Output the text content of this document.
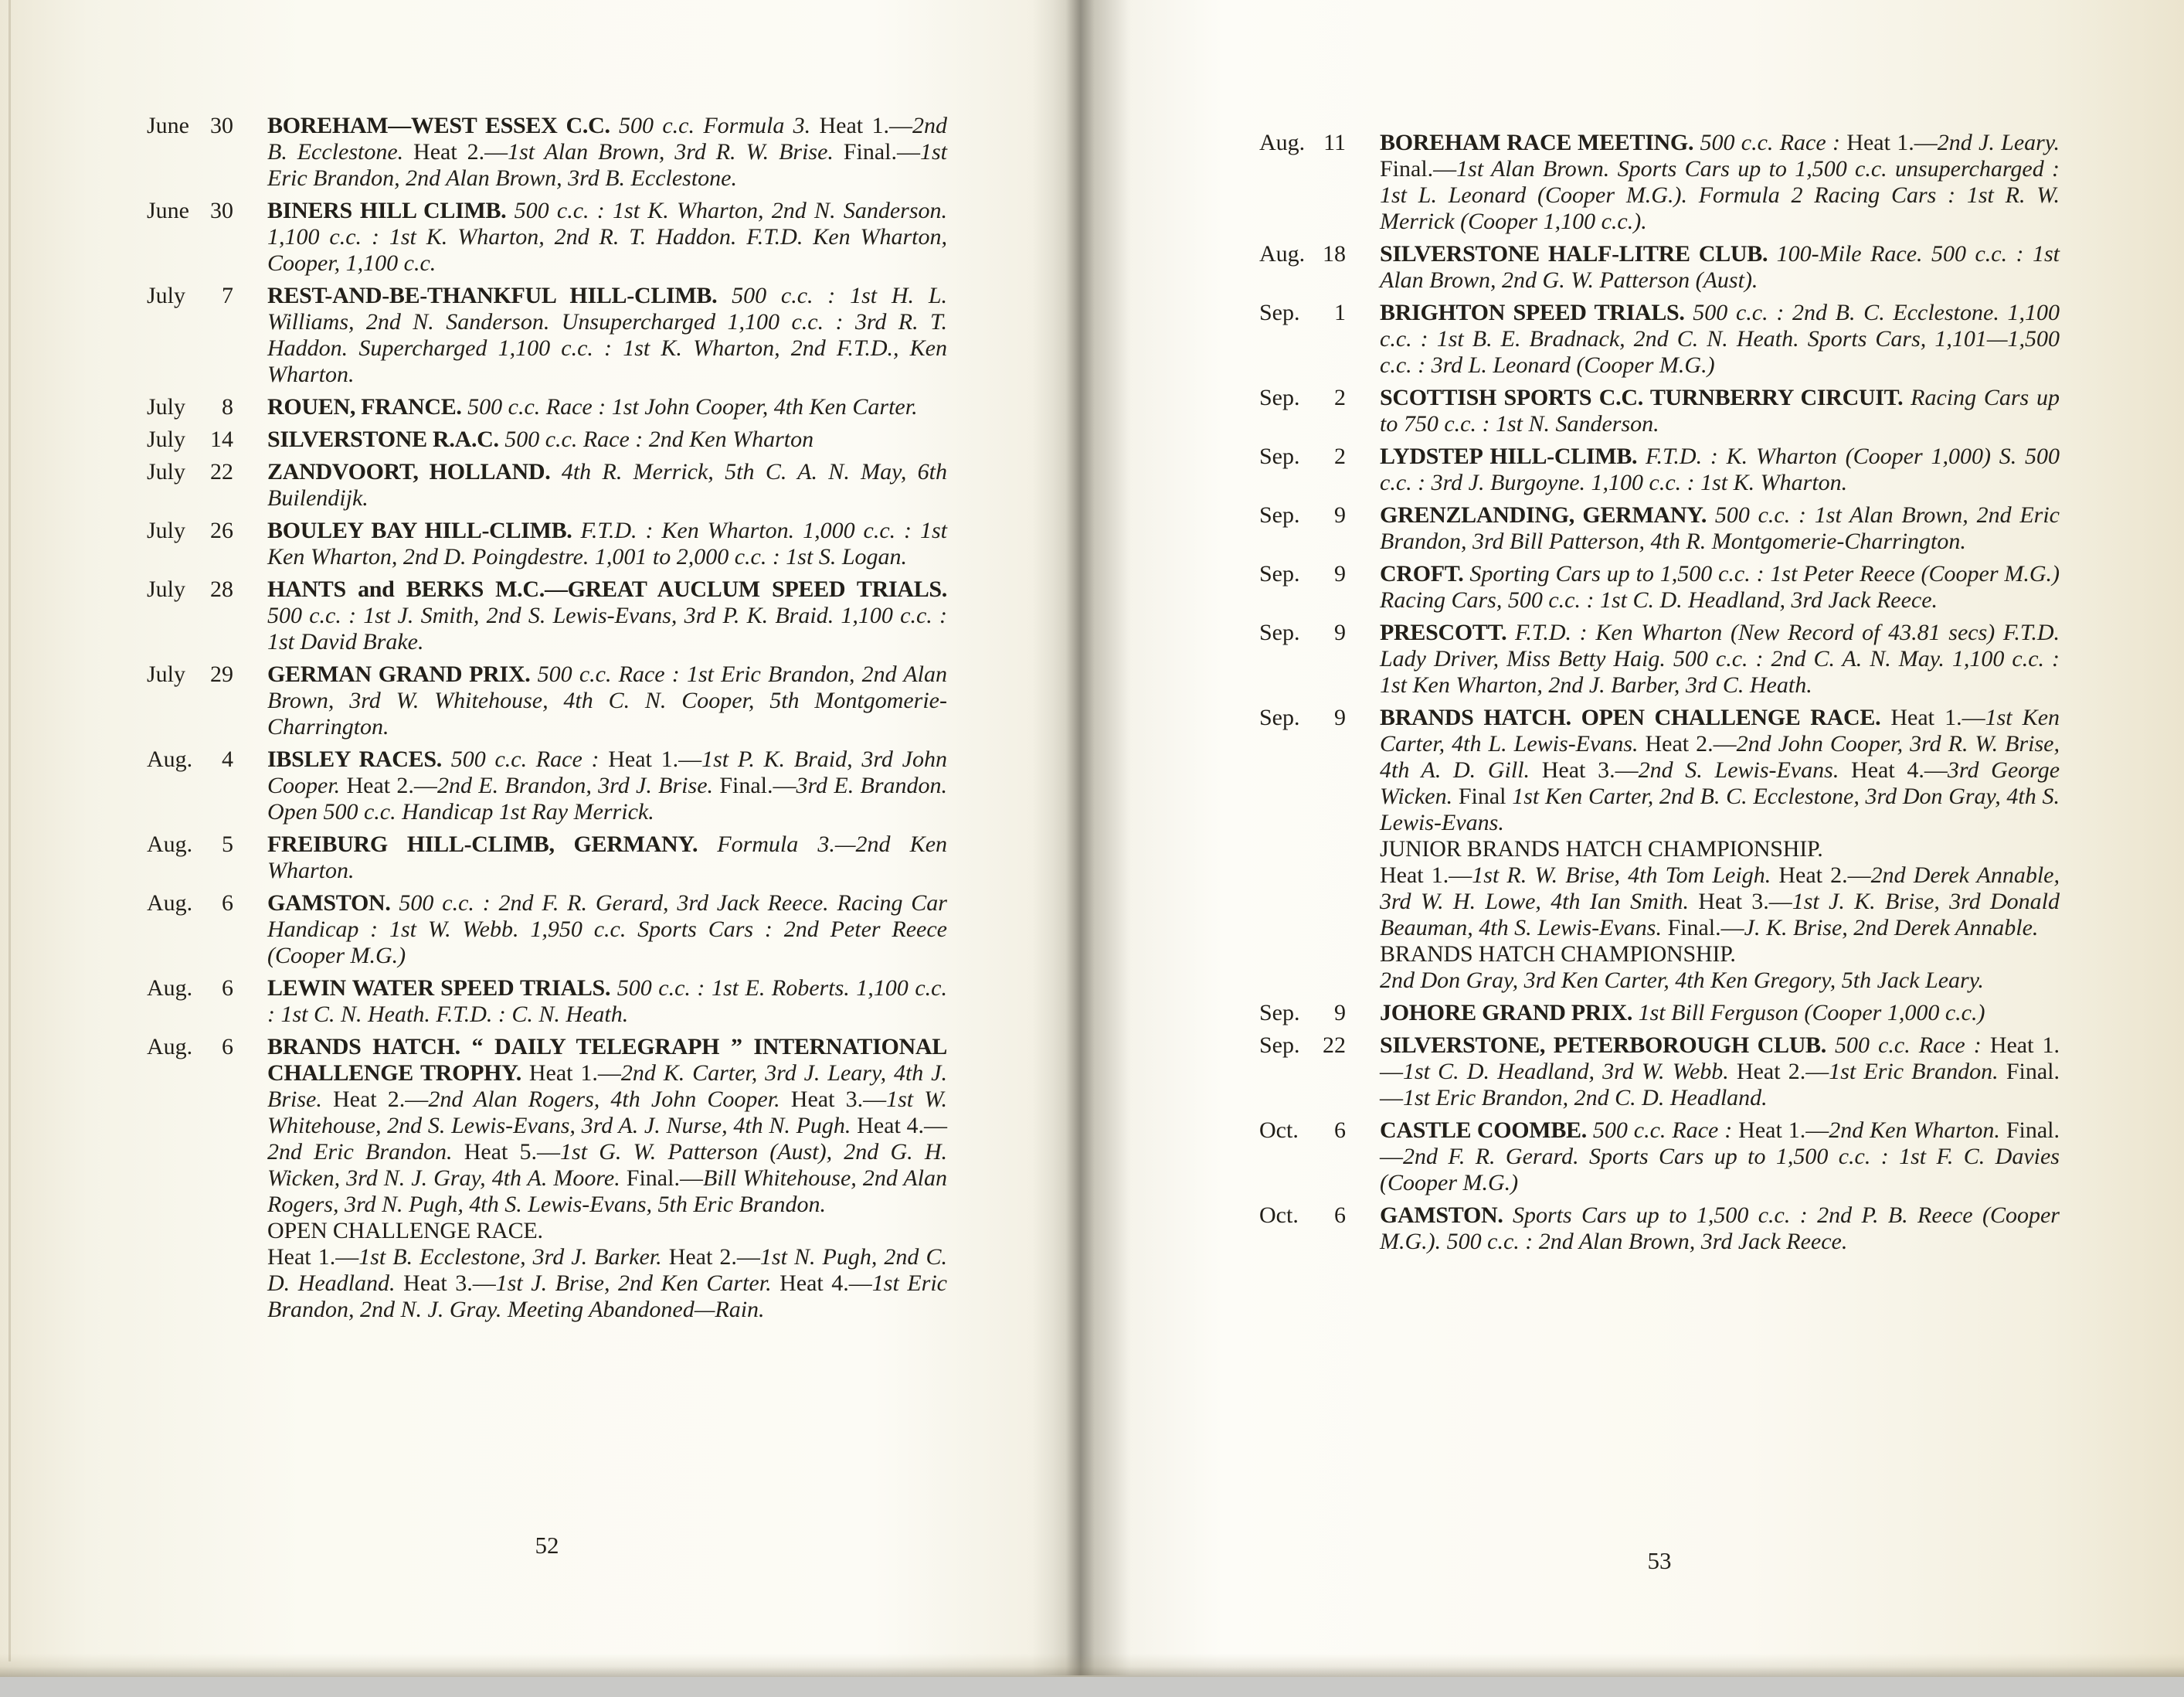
June 30 BOREHAM—WEST ESSEX C.C. 500 c.c. Formula 3. Heat 1.—2nd B. Ecclestone. Heat 2.—1st Alan Brown, 3rd R. W. Brise. Final.—1st Eric Brandon, 2nd Alan Brown, 3rd B. Ecclestone.
June 30 BINERS HILL CLIMB. 500 c.c. : 1st K. Wharton, 2nd N. Sanderson. 1,100 c.c. : 1st K. Wharton, 2nd R. T. Haddon. F.T.D. Ken Wharton, Cooper, 1,100 c.c.
July 7 REST-AND-BE-THANKFUL HILL-CLIMB. 500 c.c. : 1st H. L. Williams, 2nd N. Sanderson. Unsupercharged 1,100 c.c. : 3rd R. T. Haddon. Supercharged 1,100 c.c. : 1st K. Wharton, 2nd F.T.D., Ken Wharton.
July 8 ROUEN, FRANCE. 500 c.c. Race : 1st John Cooper, 4th Ken Carter.
July 14 SILVERSTONE R.A.C. 500 c.c. Race : 2nd Ken Wharton
July 22 ZANDVOORT, HOLLAND. 4th R. Merrick, 5th C. A. N. May, 6th Builendijk.
July 26 BOULEY BAY HILL-CLIMB. F.T.D. : Ken Wharton. 1,000 c.c. : 1st Ken Wharton, 2nd D. Poingdestre. 1,001 to 2,000 c.c. : 1st S. Logan.
July 28 HANTS and BERKS M.C.—GREAT AUCLUM SPEED TRIALS. 500 c.c. : 1st J. Smith, 2nd S. Lewis-Evans, 3rd P. K. Braid. 1,100 c.c. : 1st David Brake.
July 29 GERMAN GRAND PRIX. 500 c.c. Race : 1st Eric Brandon, 2nd Alan Brown, 3rd W. Whitehouse, 4th C. N. Cooper, 5th Montgomerie-Charrington.
Aug. 4 IBSLEY RACES. 500 c.c. Race : Heat 1.—1st P. K. Braid, 3rd John Cooper. Heat 2.—2nd E. Brandon, 3rd J. Brise. Final.—3rd E. Brandon. Open 500 c.c. Handicap 1st Ray Merrick.
Aug. 5 FREIBURG HILL-CLIMB, GERMANY. Formula 3.—2nd Ken Wharton.
Aug. 6 GAMSTON. 500 c.c. : 2nd F. R. Gerard, 3rd Jack Reece. Racing Car Handicap : 1st W. Webb. 1,950 c.c. Sports Cars : 2nd Peter Reece (Cooper M.G.)
Aug. 6 LEWIN WATER SPEED TRIALS. 500 c.c. : 1st E. Roberts. 1,100 c.c. : 1st C. N. Heath. F.T.D. : C. N. Heath.
Aug. 6 BRANDS HATCH. “ DAILY TELEGRAPH ” INTERNATIONAL CHALLENGE TROPHY. Heat 1.—2nd K. Carter, 3rd J. Leary, 4th J. Brise. Heat 2.—2nd Alan Rogers, 4th John Cooper. Heat 3.—1st W. Whitehouse, 2nd S. Lewis-Evans, 3rd A. J. Nurse, 4th N. Pugh. Heat 4.—2nd Eric Brandon. Heat 5.—1st G. W. Patterson (Aust), 2nd G. H. Wicken, 3rd N. J. Gray, 4th A. Moore. Final.—Bill Whitehouse, 2nd Alan Rogers, 3rd N. Pugh, 4th S. Lewis-Evans, 5th Eric Brandon.
OPEN CHALLENGE RACE.
Heat 1.—1st B. Ecclestone, 3rd J. Barker. Heat 2.—1st N. Pugh, 2nd C. D. Headland. Heat 3.—1st J. Brise, 2nd Ken Carter. Heat 4.—1st Eric Brandon, 2nd N. J. Gray. Meeting Abandoned—Rain.
52
Aug. 11 BOREHAM RACE MEETING. 500 c.c. Race : Heat 1.—2nd J. Leary. Final.—1st Alan Brown. Sports Cars up to 1,500 c.c. unsupercharged : 1st L. Leonard (Cooper M.G.). Formula 2 Racing Cars : 1st R. W. Merrick (Cooper 1,100 c.c.).
Aug. 18 SILVERSTONE HALF-LITRE CLUB. 100-Mile Race. 500 c.c. : 1st Alan Brown, 2nd G. W. Patterson (Aust).
Sep. 1 BRIGHTON SPEED TRIALS. 500 c.c. : 2nd B. C. Ecclestone. 1,100 c.c. : 1st B. E. Bradnack, 2nd C. N. Heath. Sports Cars, 1,101—1,500 c.c. : 3rd L. Leonard (Cooper M.G.)
Sep. 2 SCOTTISH SPORTS C.C. TURNBERRY CIRCUIT. Racing Cars up to 750 c.c. : 1st N. Sanderson.
Sep. 2 LYDSTEP HILL-CLIMB. F.T.D. : K. Wharton (Cooper 1,000) S. 500 c.c. : 3rd J. Burgoyne. 1,100 c.c. : 1st K. Wharton.
Sep. 9 GRENZLANDING, GERMANY. 500 c.c. : 1st Alan Brown, 2nd Eric Brandon, 3rd Bill Patterson, 4th R. Montgomerie-Charrington.
Sep. 9 CROFT. Sporting Cars up to 1,500 c.c. : 1st Peter Reece (Cooper M.G.) Racing Cars, 500 c.c. : 1st C. D. Headland, 3rd Jack Reece.
Sep. 9 PRESCOTT. F.T.D. : Ken Wharton (New Record of 43.81 secs) F.T.D. Lady Driver, Miss Betty Haig. 500 c.c. : 2nd C. A. N. May. 1,100 c.c. : 1st Ken Wharton, 2nd J. Barber, 3rd C. Heath.
Sep. 9 BRANDS HATCH. OPEN CHALLENGE RACE. Heat 1.—1st Ken Carter, 4th L. Lewis-Evans. Heat 2.—2nd John Cooper, 3rd R. W. Brise, 4th A. D. Gill. Heat 3.—2nd S. Lewis-Evans. Heat 4.—3rd George Wicken. Final 1st Ken Carter, 2nd B. C. Ecclestone, 3rd Don Gray, 4th S. Lewis-Evans.
JUNIOR BRANDS HATCH CHAMPIONSHIP.
Heat 1.—1st R. W. Brise, 4th Tom Leigh. Heat 2.—2nd Derek Annable, 3rd W. H. Lowe, 4th Ian Smith. Heat 3.—1st J. K. Brise, 3rd Donald Beauman, 4th S. Lewis-Evans. Final.—J. K. Brise, 2nd Derek Annable.
BRANDS HATCH CHAMPIONSHIP.
2nd Don Gray, 3rd Ken Carter, 4th Ken Gregory, 5th Jack Leary.
Sep. 9 JOHORE GRAND PRIX. 1st Bill Ferguson (Cooper 1,000 c.c.)
Sep. 22 SILVERSTONE, PETERBOROUGH CLUB. 500 c.c. Race : Heat 1.—1st C. D. Headland, 3rd W. Webb. Heat 2.—1st Eric Brandon. Final.—1st Eric Brandon, 2nd C. D. Headland.
Oct. 6 CASTLE COOMBE. 500 c.c. Race : Heat 1.—2nd Ken Wharton. Final.—2nd F. R. Gerard. Sports Cars up to 1,500 c.c. : 1st F. C. Davies (Cooper M.G.)
Oct. 6 GAMSTON. Sports Cars up to 1,500 c.c. : 2nd P. B. Reece (Cooper M.G.). 500 c.c. : 2nd Alan Brown, 3rd Jack Reece.
53
